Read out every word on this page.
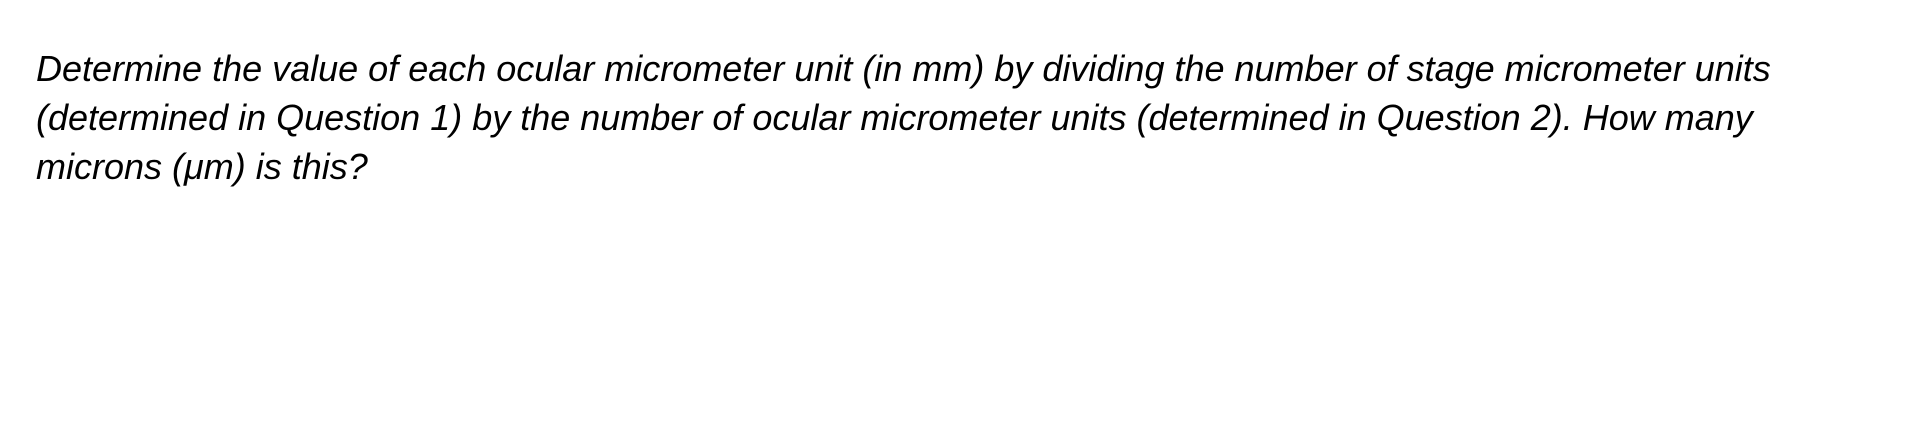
Determine the value of each ocular micrometer unit (in mm) by dividing the number of stage micrometer units
(determined in Question 1) by the number of ocular micrometer units (determined in Question 2). How many
microns (μm) is this?
